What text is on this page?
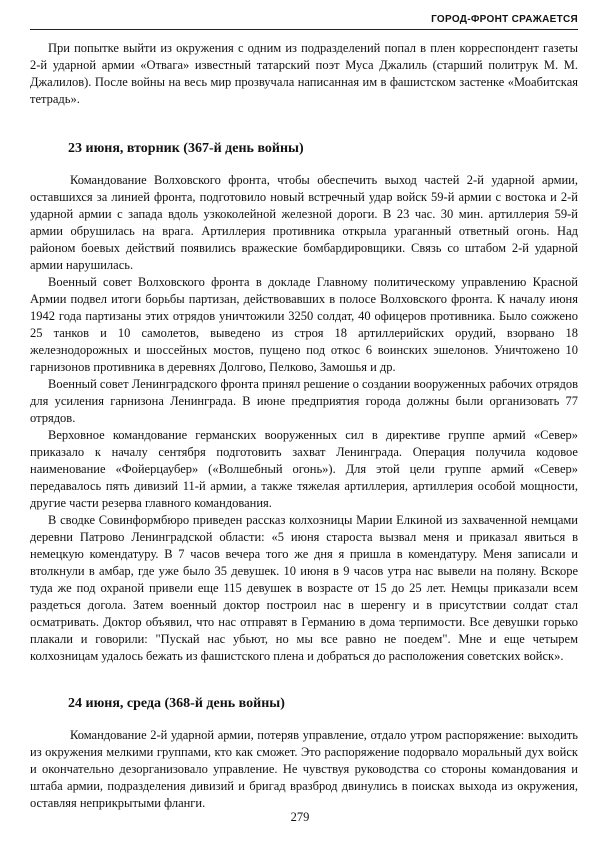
ГОРОД-ФРОНТ СРАЖАЕТСЯ

При попытке выйти из окружения с одним из подразделений попал в плен корреспондент газеты 2-й ударной армии «Отвага» известный татарский поэт Муса Джалиль (старший политрук М. М. Джалилов). После войны на весь мир прозвучала написанная им в фашистском застенке «Моабитская тетрадь».

23 июня, вторник (367-й день войны)

Командование Волховского фронта, чтобы обеспечить выход частей 2-й ударной армии, оставшихся за линией фронта, подготовило новый встречный удар войск 59-й армии с востока и 2-й ударной армии с запада вдоль узкоколейной железной дороги. В 23 час. 30 мин. артиллерия 59-й армии обрушилась на врага. Артиллерия противника открыла ураганный ответный огонь. Над районом боевых действий появились вражеские бомбардировщики. Связь со штабом 2-й ударной армии нарушилась.

Военный совет Волховского фронта в докладе Главному политическому управлению Красной Армии подвел итоги борьбы партизан, действовавших в полосе Волховского фронта. К началу июня 1942 года партизаны этих отрядов уничтожили 3250 солдат, 40 офицеров противника. Было сожжено 25 танков и 10 самолетов, выведено из строя 18 артиллерийских орудий, взорвано 18 железнодорожных и шоссейных мостов, пущено под откос 6 воинских эшелонов. Уничтожено 10 гарнизонов противника в деревнях Долгово, Пелково, Замошья и др.

Военный совет Ленинградского фронта принял решение о создании вооруженных рабочих отрядов для усиления гарнизона Ленинграда. В июне предприятия города должны были организовать 77 отрядов.

Верховное командование германских вооруженных сил в директиве группе армий «Север» приказало к началу сентября подготовить захват Ленинграда. Операция получила кодовое наименование «Фойерцаубер» («Волшебный огонь»). Для этой цели группе армий «Север» передавалось пять дивизий 11-й армии, а также тяжелая артиллерия, артиллерия особой мощности, другие части резерва главного командования.

В сводке Совинформбюро приведен рассказ колхозницы Марии Елкиной из захваченной немцами деревни Патрово Ленинградской области: «5 июня староста вызвал меня и приказал явиться в немецкую комендатуру. В 7 часов вечера того же дня я пришла в комендатуру. Меня записали и втолкнули в амбар, где уже было 35 девушек. 10 июня в 9 часов утра нас вывели на поляну. Вскоре туда же под охраной привели еще 115 девушек в возрасте от 15 до 25 лет. Немцы приказали всем раздеться догола. Затем военный доктор построил нас в шеренгу и в присутствии солдат стал осматривать. Доктор объявил, что нас отправят в Германию в дома терпимости. Все девушки горько плакали и говорили: "Пускай нас убьют, но мы все равно не поедем". Мне и еще четырем колхозницам удалось бежать из фашистского плена и добраться до расположения советских войск».

24 июня, среда (368-й день войны)

Командование 2-й ударной армии, потеряв управление, отдало утром распоряжение: выходить из окружения мелкими группами, кто как сможет. Это распоряжение подорвало моральный дух войск и окончательно дезорганизовало управление. Не чувствуя руководства со стороны командования и штаба армии, подразделения дивизий и бригад вразброд двинулись в поисках выхода из окружения, оставляя неприкрытыми фланги.

279
